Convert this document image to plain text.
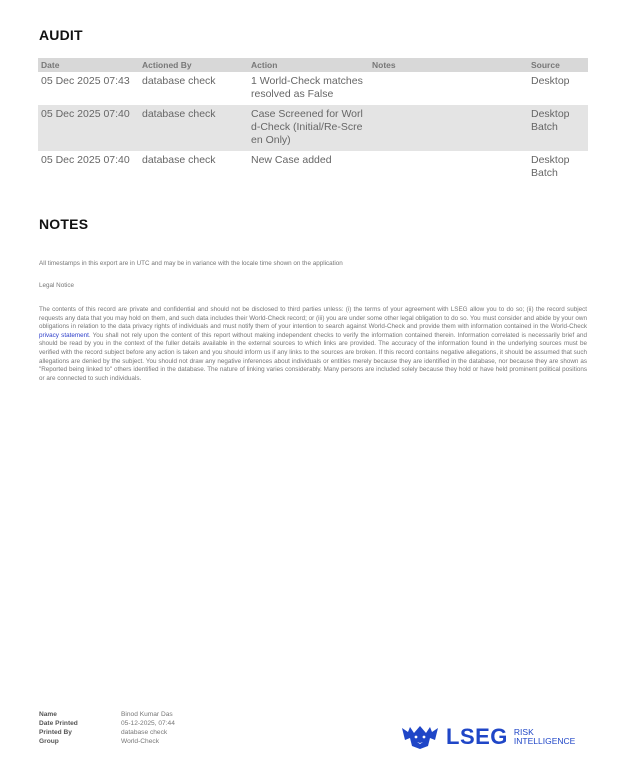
AUDIT
Date	Actioned By	Action	Notes	Source
05 Dec 2025 07:43	database check	1 World-Check matches resolved as False		Desktop
05 Dec 2025 07:40	database check	Case Screened for World-Check (Initial/Re-Screen Only)		Desktop Batch
05 Dec 2025 07:40	database check	New Case added		Desktop Batch
NOTES
All timestamps in this export are in UTC and may be in variance with the locale time shown on the application
Legal Notice
The contents of this record are private and confidential and should not be disclosed to third parties unless: (i) the terms of your agreement with LSEG allow you to do so; (ii) the record subject requests any data that you may hold on them, and such data includes their World-Check record; or (iii) you are under some other legal obligation to do so. You must consider and abide by your own obligations in relation to the data privacy rights of individuals and must notify them of your intention to search against World-Check and provide them with information contained in the World-Check privacy statement. You shall not rely upon the content of this report without making independent checks to verify the information contained therein. Information correlated is necessarily brief and should be read by you in the context of the fuller details available in the external sources to which links are provided. The accuracy of the information found in the underlying sources must be verified with the record subject before any action is taken and you should inform us if any links to the sources are broken. If this record contains negative allegations, it should be assumed that such allegations are denied by the subject. You should not draw any negative inferences about individuals or entities merely because they are identified in the database, nor because they are shown as "Reported being linked to" others identified in the database. The nature of linking varies considerably. Many persons are included solely because they hold or have held prominent political positions or are connected to such individuals.
Name	Binod Kumar Das
Date Printed	05-12-2025, 07:44
Printed By	database check
Group	World-Check	LSEG RISK
INTELLIGENCE
